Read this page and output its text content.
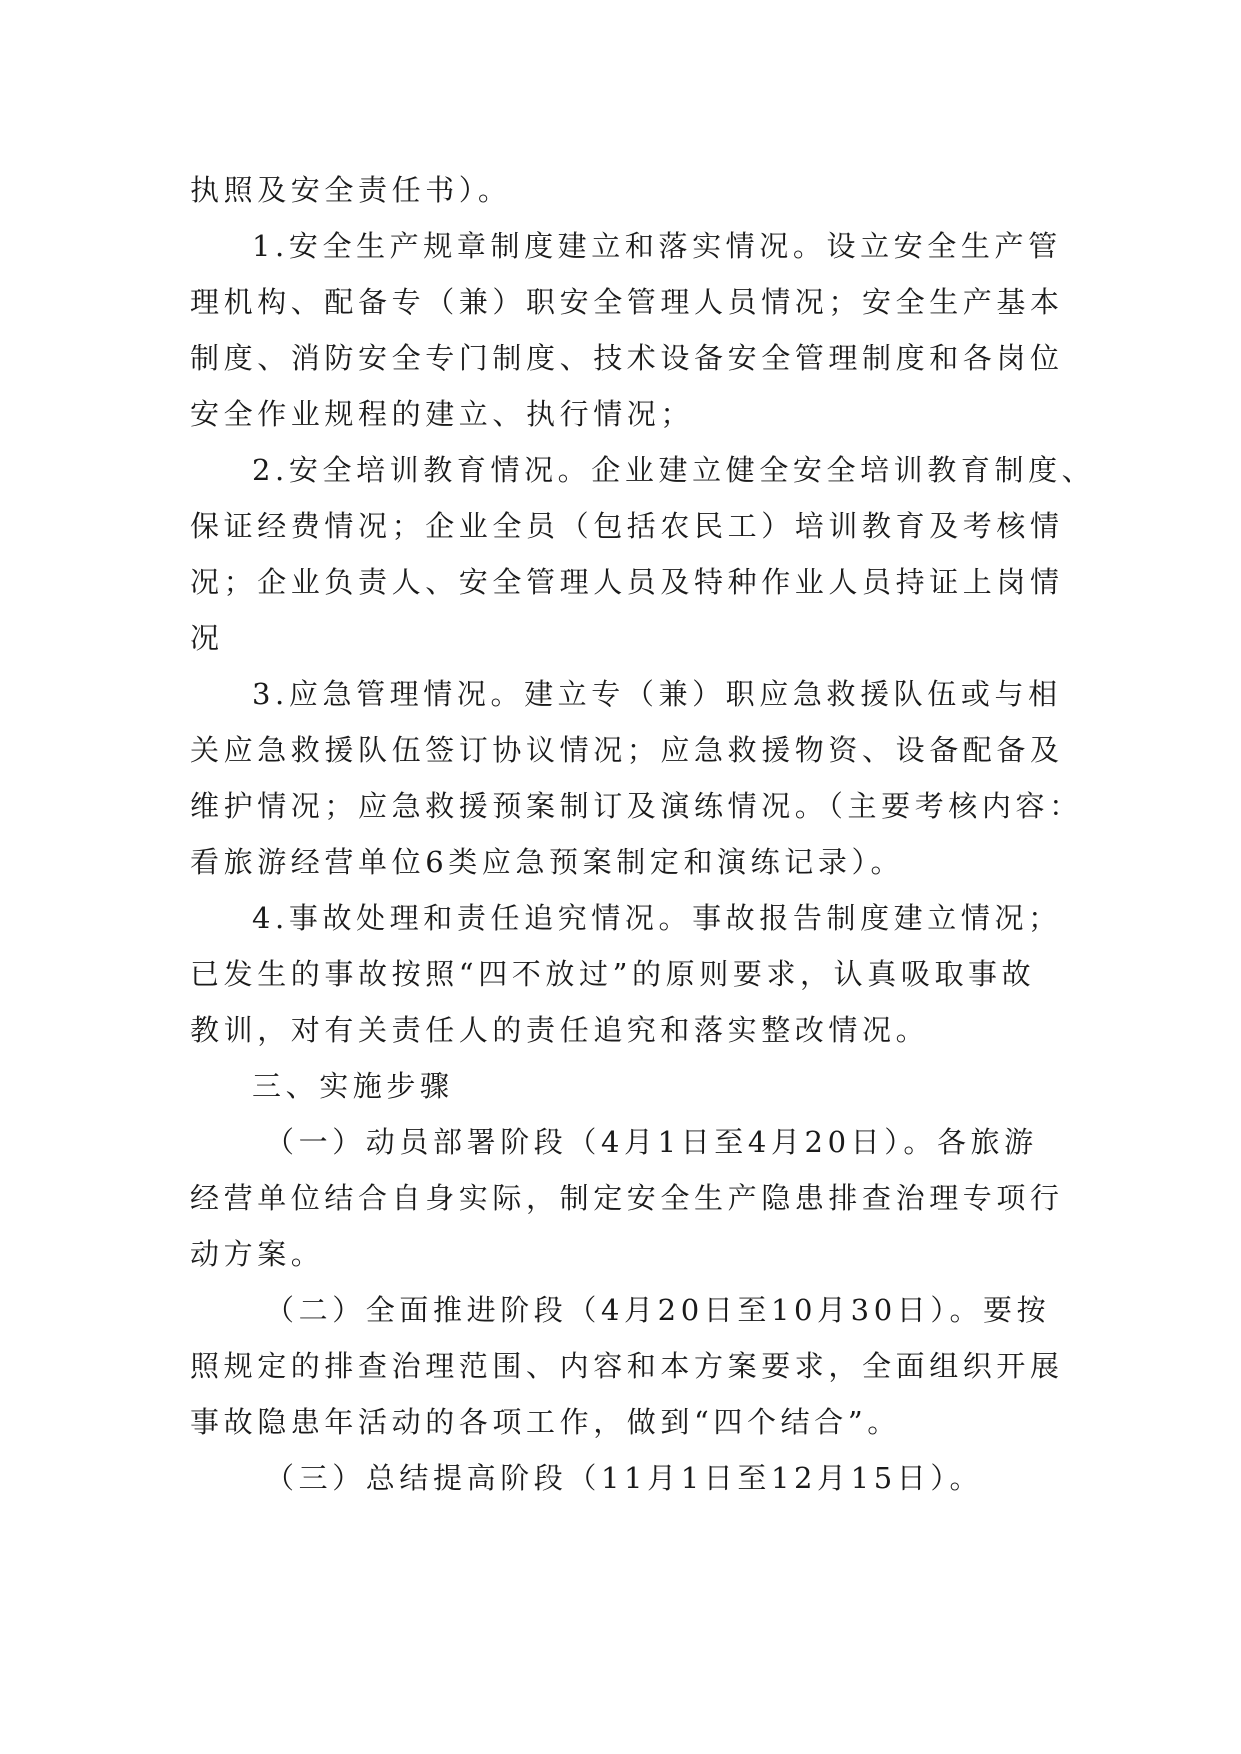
执照及安全责任书）。
1.安全生产规章制度建立和落实情况。设立安全生产管
理机构、配备专（兼）职安全管理人员情况；安全生产基本
制度、消防安全专门制度、技术设备安全管理制度和各岗位
安全作业规程的建立、执行情况；
2.安全培训教育情况。企业建立健全安全培训教育制度、
保证经费情况；企业全员（包括农民工）培训教育及考核情
况；企业负责人、安全管理人员及特种作业人员持证上岗情
况
3.应急管理情况。建立专（兼）职应急救援队伍或与相
关应急救援队伍签订协议情况；应急救援物资、设备配备及
维护情况；应急救援预案制订及演练情况。（主要考核内容：
看旅游经营单位6类应急预案制定和演练记录）。
4.事故处理和责任追究情况。事故报告制度建立情况；
已发生的事故按照“四不放过”的原则要求，认真吸取事故
教训，对有关责任人的责任追究和落实整改情况。
三、实施步骤
（一）动员部署阶段（4月1日至4月20日）。各旅游
经营单位结合自身实际，制定安全生产隐患排查治理专项行
动方案。
（二）全面推进阶段（4月20日至10月30日）。要按
照规定的排查治理范围、内容和本方案要求，全面组织开展
事故隐患年活动的各项工作，做到“四个结合”。
（三）总结提高阶段（11月1日至12月15日）。
